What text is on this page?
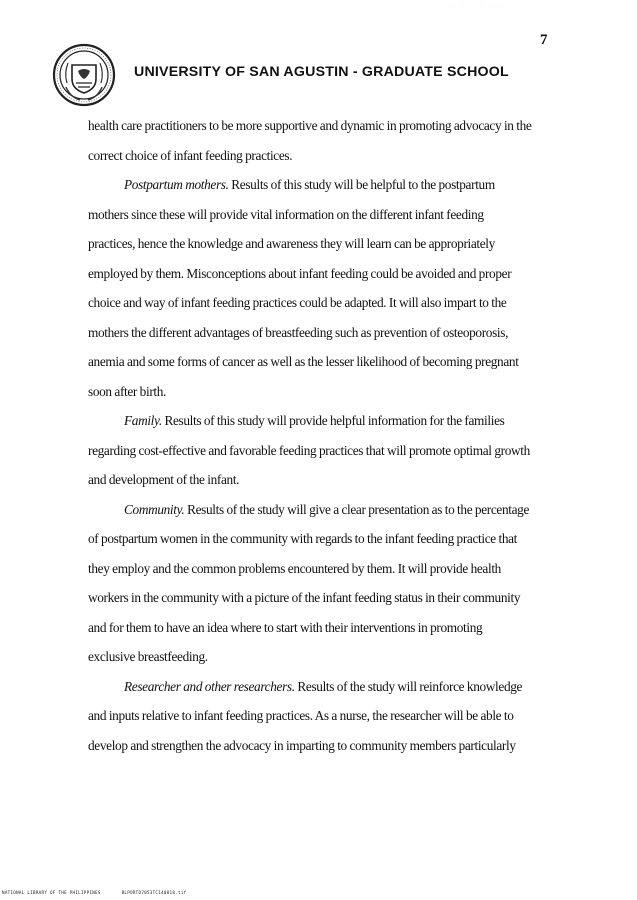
· · · · · ·
7
UNIVERSITY OF SAN AGUSTIN - GRADUATE SCHOOL
health care practitioners to be more supportive and dynamic in promoting advocacy in the
correct choice of infant feeding practices.
Postpartum mothers. Results of this study will be helpful to the postpartum
mothers since these will provide vital information on the different infant feeding
practices, hence the knowledge and awareness they will learn can be appropriately
employed by them. Misconceptions about infant feeding could be avoided and proper
choice and way of infant feeding practices could be adapted. It will also impart to the
mothers the different advantages of breastfeeding such as prevention of osteoporosis,
anemia and some forms of cancer as well as the lesser likelihood of becoming pregnant
soon after birth.
Family. Results of this study will provide helpful information for the families
regarding cost-effective and favorable feeding practices that will promote optimal growth
and development of the infant.
Community. Results of the study will give a clear presentation as to the percentage
of postpartum women in the community with regards to the infant feeding practice that
they employ and the common problems encountered by them. It will provide health
workers in the community with a picture of the infant feeding status in their community
and for them to have an idea where to start with their interventions in promoting
exclusive breastfeeding.
Researcher and other researchers. Results of the study will reinforce knowledge
and inputs relative to infant feeding practices. As a nurse, the researcher will be able to
develop and strengthen the advocacy in imparting to community members particularly
NATIONAL LIBRARY OF THE PHILIPPINES	BLPORTD7053TC140818.tif
